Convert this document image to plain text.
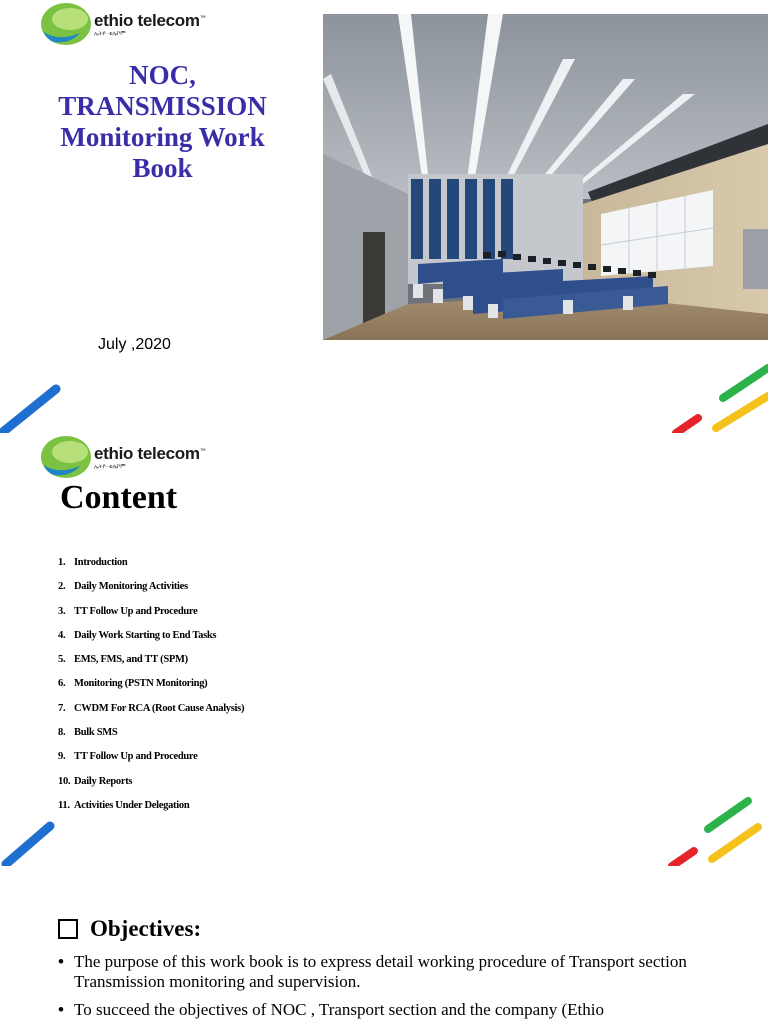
ethio telecom™
ኢትዮ ቴሌኮም
NOC,
TRANSMISSION
Monitoring Work
Book
July ,2020
ethio telecom™
ኢትዮ ቴሌኮም
Content
1. Introduction
2. Daily Monitoring Activities
3. TT Follow Up and Procedure
4. Daily Work Starting to End Tasks
5. EMS, FMS, and TT (SPM)
6. Monitoring (PSTN Monitoring)
7. CWDM For RCA (Root Cause Analysis)
8. Bulk SMS
9. TT Follow Up and Procedure
10. Daily Reports
11. Activities Under Delegation
Objectives:
• The purpose of this work book is to express detail working procedure of Transport section Transmission monitoring and supervision.
• To succeed the objectives of NOC , Transport section and the company (Ethio
